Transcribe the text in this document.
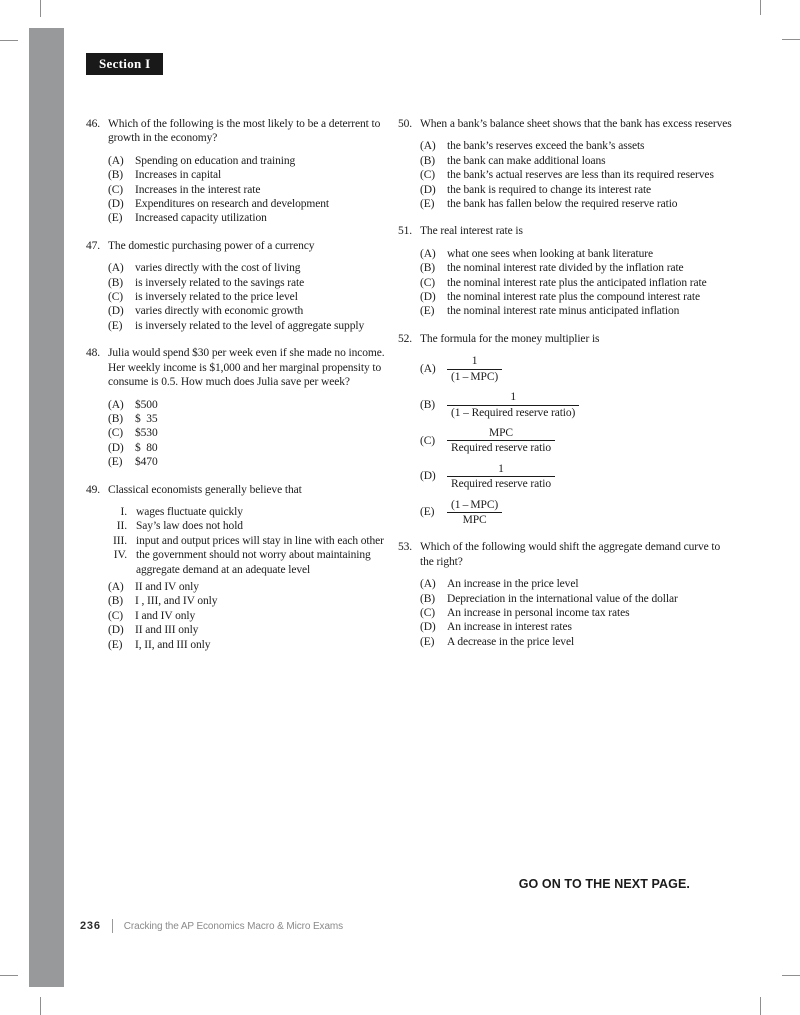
Section I
46. Which of the following is the most likely to be a deterrent to growth in the economy?
(A) Spending on education and training
(B)	Increases in capital
(C)	Increases in the interest rate
(D) Expenditures on research and development
(E)	Increased capacity utilization
47. The domestic purchasing power of a currency
(A) varies directly with the cost of living
(B)	is inversely related to the savings rate
(C)	is inversely related to the price level
(D) varies directly with economic growth
(E)	is inversely related to the level of aggregate supply
48. Julia would spend $30 per week even if she made no income. Her weekly income is $1,000 and her marginal propensity to consume is 0.5. How much does Julia save per week?
(A) $500
(B)	$  35
(C)	$530
(D) $  80
(E)	$470
49. Classical economists generally believe that
I. wages fluctuate quickly
II. Say’s law does not hold
III. input and output prices will stay in line with each other
IV. the government should not worry about maintaining aggregate demand at an adequate level
(A) II and IV only
(B)	I , III, and IV only
(C)	I and IV only
(D) II and III only
(E)	I, II, and III only
50. When a bank’s balance sheet shows that the bank has excess reserves
(A) the bank’s reserves exceed the bank’s assets
(B)	the bank can make additional loans
(C)	the bank’s actual reserves are less than its required reserves
(D) the bank is required to change its interest rate
(E)	the bank has fallen below the required reserve ratio
51. The real interest rate is
(A) what one sees when looking at bank literature
(B)	the nominal interest rate divided by the inflation rate
(C)	the nominal interest rate plus the anticipated inflation rate
(D) the nominal interest rate plus the compound interest rate
(E)	the nominal interest rate minus anticipated inflation
52. The formula for the money multiplier is
$(A) \frac{1}{\text{(1 – MPC)}}$
(B)	$\frac{1}{\text{(1 – Required reserve ratio)}}$
(C)	$\frac{\text{MPC}}{\text{Required reserve ratio}}$
$(D) \frac{1}{\text{Required reserve ratio}}$
(E)	$\frac{\text{(1 – MPC)}}{\text{MPC}}$
53. Which of the following would shift the aggregate demand curve to the right?
(A) An increase in the price level
(B)	Depreciation in the international value of the dollar
(C)	An increase in personal income tax rates
(D) An increase in interest rates
(E)	A decrease in the price level
GO ON TO THE NEXT PAGE.
236 Cracking the AP Economics Macro & Micro Exams
